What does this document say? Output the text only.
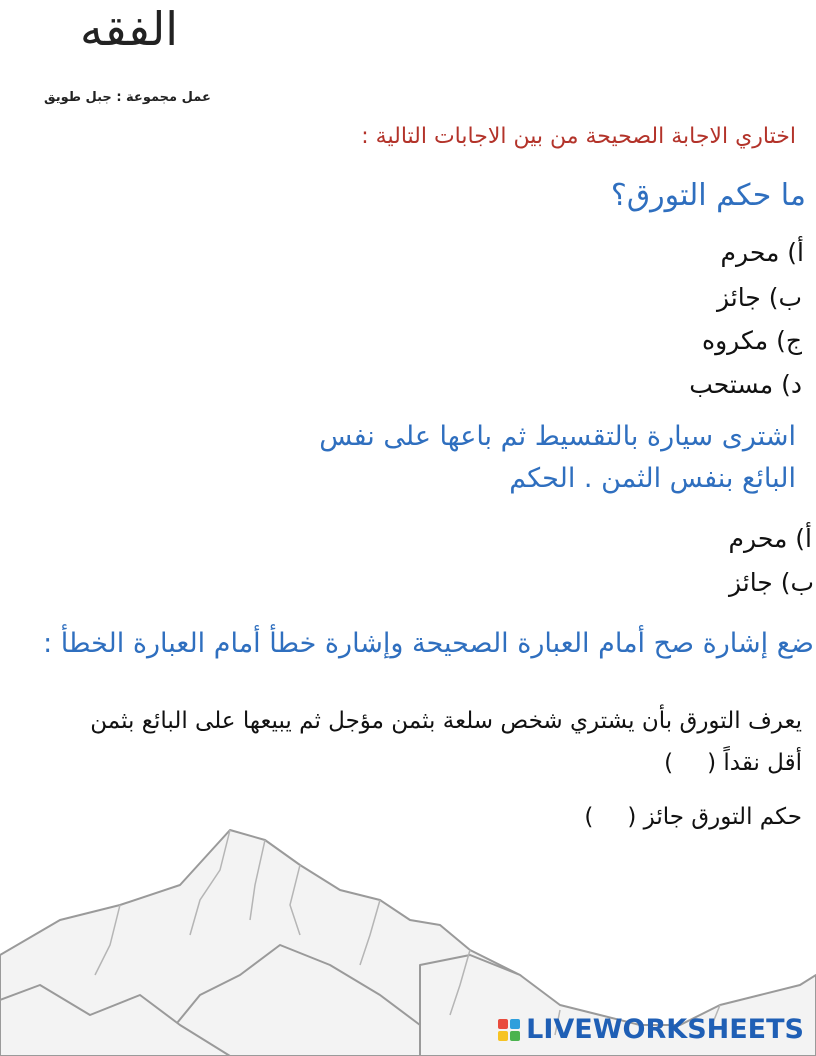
الفقه
عمل مجموعة : جبل طويق
اختاري الاجابة الصحيحة من بين الاجابات التالية :
ما حكم التورق؟
أ) محرم
ب) جائز
ج) مكروه
د) مستحب
اشترى سيارة بالتقسيط ثم باعها على نفس البائع بنفس الثمن . الحكم
أ) محرم
ب) جائز
ضع إشارة صح أمام العبارة الصحيحة وإشارة خطأ أمام العبارة الخطأ :
يعرف التورق بأن يشتري شخص سلعة بثمن مؤجل ثم يبيعها على البائع بثمن أقل نقداً ()
حكم التورق جائز ()
LIVEWORKSHEETS
